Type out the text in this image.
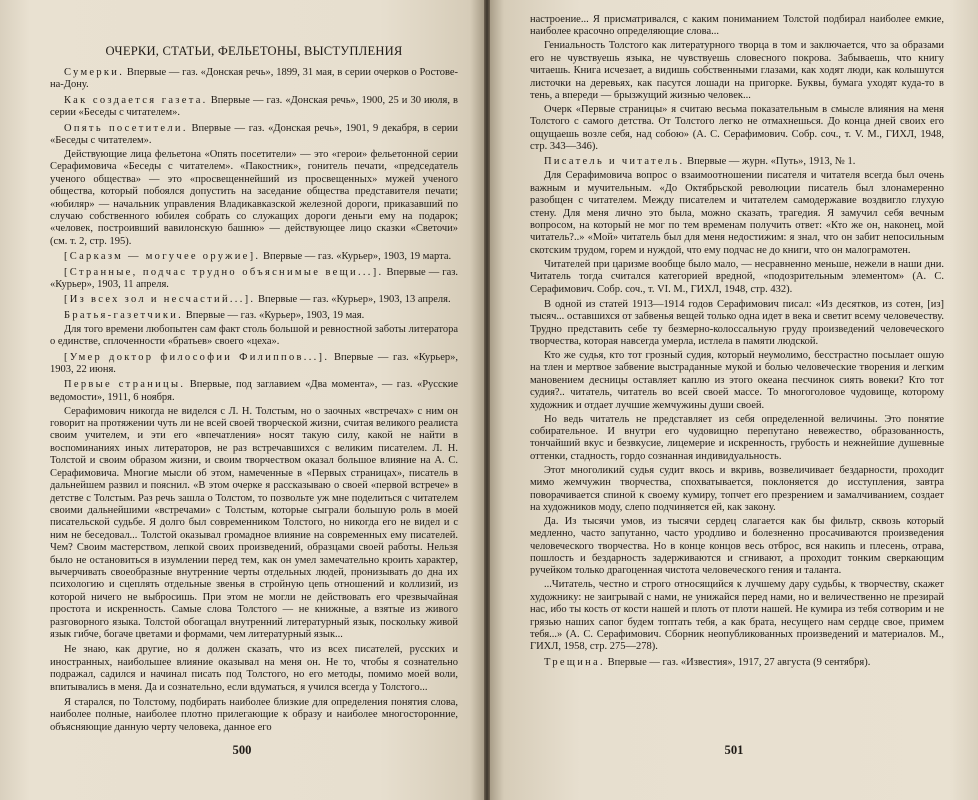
ОЧЕРКИ, СТАТЬИ, ФЕЛЬЕТОНЫ, ВЫСТУПЛЕНИЯ

Сумерки. Впервые — газ. «Донская речь», 1899, 31 мая, в серии очерков о Ростове-на-Дону.

Как создается газета. Впервые — газ. «Донская речь», 1900, 25 и 30 июля, в серии «Беседы с читателем».

Опять посетители. Впервые — газ. «Донская речь», 1901, 9 декабря, в серии «Беседы с читателем».

Действующие лица фельетона «Опять посетители» — это «герои» фельетонной серии Серафимовича «Беседы с читателем». «Пакостник», гонитель печати, «председатель ученого общества» — это «просвещеннейший из просвещенных» мужей ученого общества, который побоялся допустить на заседание общества представителя печати; «юбиляр» — начальник управления Владикавказской железной дороги, приказавший по случаю собственного юбилея собрать со служащих дороги деньги ему на подарок; «человек, построивший вавилонскую башню» — действующее лицо сказки «Светочи» (см. т. 2, стр. 195).

[Сарказм — могучее оружие]. Впервые — газ. «Курьер», 1903, 19 марта.

[Странные, подчас трудно объяснимые вещи...]. Впервые — газ. «Курьер», 1903, 11 апреля.

[Из всех зол и несчастий...]. Впервые — газ. «Курьер», 1903, 13 апреля.

Братья-газетчики. Впервые — газ. «Курьер», 1903, 19 мая.

Для того времени любопытен сам факт столь большой и ревностной заботы литератора о единстве, сплоченности «братьев» своего «цеха».

[Умер доктор философии Филиппов...]. Впервые — газ. «Курьер», 1903, 22 июня.

Первые страницы. Впервые, под заглавием «Два момента», — газ. «Русские ведомости», 1911, 6 ноября.

Серафимович никогда не виделся с Л. Н. Толстым, но о заочных «встречах» с ним он говорит на протяжении чуть ли не всей своей творческой жизни, считая великого реалиста своим учителем, и эти его «впечатления» носят такую силу, какой не найти в воспоминаниях иных литераторов, не раз встречавшихся с великим писателем. Л. Н. Толстой и своим образом жизни, и своим творчеством оказал большое влияние на А. С. Серафимовича. Многие мысли об этом, намеченные в «Первых страницах», писатель в дальнейшем развил и пояснил. «В этом очерке я рассказываю о своей «первой встрече» в детстве с Толстым. Раз речь зашла о Толстом, то позвольте уж мне поделиться с читателем своими дальнейшими «встречами» с Толстым, которые сыграли большую роль в моей писательской судьбе. Я долго был современником Толстого, но никогда его не видел и с ним не беседовал... Толстой оказывал громадное влияние на современных ему писателей. Чем? Своим мастерством, лепкой своих произведений, образцами своей работы. Нельзя было не остановиться в изумлении перед тем, как он умел замечательно кроить характер, вычерчивать своеобразные внутренние черты отдельных людей, пронизывать до дна их психологию и сцеплять отдельные звенья в стройную цепь отношений и коллизий, из которой ничего не выбросишь. При этом не могли не действовать его чрезвычайная простота и искренность. Самые слова Толстого — не книжные, а взятые из живого разговорного языка. Толстой обогащал внутренний литературный язык, поскольку живой язык гибче, богаче цветами и формами, чем литературный язык...

Не знаю, как другие, но я должен сказать, что из всех писателей, русских и иностранных, наибольшее влияние оказывал на меня он. Не то, чтобы я сознательно подражал, садился и начинал писать под Толстого, но его методы, помимо моей воли, впитывались в меня. Да и сознательно, если вдуматься, я учился всегда у Толстого...

Я старался, по Толстому, подбирать наиболее близкие для определения понятия слова, наиболее полные, наиболее плотно прилегающие к образу и наиболее многосторонние, объясняющие данную черту человека, данное его

500

настроение... Я присматривался, с каким пониманием Толстой подбирал наиболее емкие, наиболее красочно определяющие слова...

Гениальность Толстого как литературного творца в том и заключается, что за образами его не чувствуешь языка, не чувствуешь словесного покрова. Забываешь, что книгу читаешь. Книга исчезает, а видишь собственными глазами, как ходят люди, как колышутся листочки на деревьях, как пасутся лошади на пригорке. Буквы, бумага уходят куда-то в тень, а впереди — брызжущий жизнью человек...

Очерк «Первые страницы» я считаю весьма показательным в смысле влияния на меня Толстого с самого детства. От Толстого легко не отмахнешься. До конца дней своих его ощущаешь возле себя, над собою» (А. С. Серафимович. Собр. соч., т. V. М., ГИХЛ, 1948, стр. 343—346).

Писатель и читатель. Впервые — журн. «Путь», 1913, № 1.

Для Серафимовича вопрос о взаимоотношении писателя и читателя всегда был очень важным и мучительным. «До Октябрьской революции писатель был злонамеренно разобщен с читателем. Между писателем и читателем самодержавие воздвигло глухую стену. Для меня лично это была, можно сказать, трагедия. Я замучил себя вечным вопросом, на который не мог по тем временам получить ответ: «Кто же он, наконец, мой читатель?..» «Мой» читатель был для меня недостижим: я знал, что он забит непосильным скотским трудом, горем и нуждой, что ему подчас не до книги, что он малограмотен.

Читателей при царизме вообще было мало, — несравненно меньше, нежели в наши дни. Читатель тогда считался категорией вредной, «подозрительным элементом» (А. С. Серафимович. Собр. соч., т. VI. М., ГИХЛ, 1948, стр. 432).

В одной из статей 1913—1914 годов Серафимович писал: «Из десятков, из сотен, [из] тысяч... оставшихся от забвенья вещей только одна идет в века и светит всему человечеству. Трудно представить себе ту безмерно-колоссальную груду произведений человеческого творчества, которая навсегда умерла, истлела в памяти людской.

Кто же судья, кто тот грозный судия, который неумолимо, бесстрастно посылает ошую на тлен и мертвое забвение выстраданные мукой и болью человеческие творения и легким мановением десницы оставляет каплю из этого океана песчинок сиять вовеки? Кто тот судия?.. читатель, читатель во всей своей массе. То многоголовое чудовище, которому художник и отдает лучшие жемчужины души своей.

Но ведь читатель не представляет из себя определенной величины. Это понятие собирательное. И внутри его чудовищно перепутано невежество, образованность, тончайший вкус и безвкусие, лицемерие и искренность, грубость и нежнейшие душевные оттенки, стадность, гордо сознанная индивидуальность.

Этот многоликий судья судит вкось и вкривь, возвеличивает бездарности, проходит мимо жемчужин творчества, спохватывается, поклоняется до исступления, завтра поворачивается спиной к своему кумиру, топчет его презрением и замалчиванием, создает на художников моду, слепо подчиняется ей, как закону.

Да. Из тысячи умов, из тысячи сердец слагается как бы фильтр, сквозь который медленно, часто запутанно, часто уродливо и болезненно просачиваются произведения человеческого творчества. Но в конце концов весь отброс, вся накипь и плесень, отрава, пошлость и бездарность задерживаются и сгнивают, а проходит тонким сверкающим ручейком только драгоценная чистота человеческого гения и таланта.

...Читатель, честно и строго относящийся к лучшему дару судьбы, к творчеству, скажет художнику: не заигрывай с нами, не унижайся перед нами, но и величественно не презирай нас, ибо ты кость от кости нашей и плоть от плоти нашей. Не кумира из тебя сотворим и не грязью наших сапог будем топтать тебя, а как брата, несущего нам сердце свое, примем тебя...» (А. С. Серафимович. Сборник неопубликованных произведений и материалов. М., ГИХЛ, 1958, стр. 275—278).

Трещина. Впервые — газ. «Известия», 1917, 27 августа (9 сентября).

501
